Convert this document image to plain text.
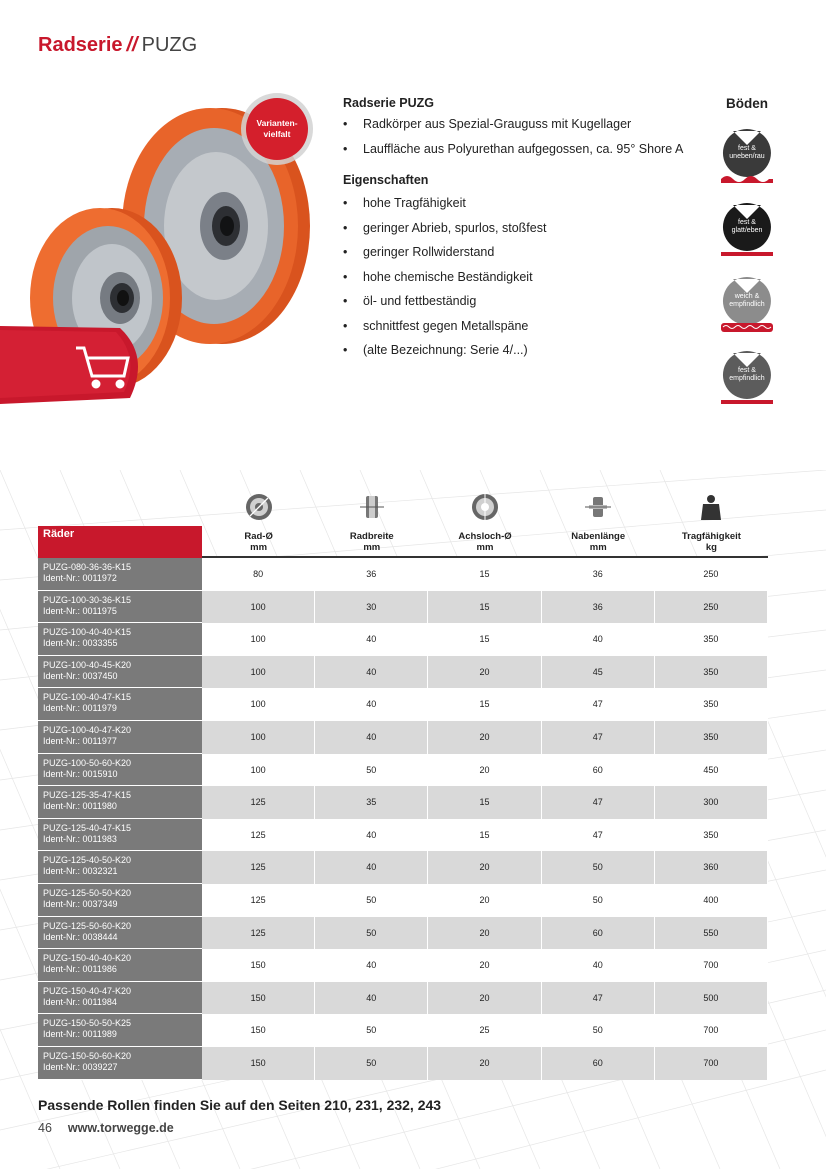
Radserie // PUZG
Varianten-
vielfalt
Radserie PUZG
• Radkörper aus Spezial-Grauguss mit Kugellager
• Lauffläche aus Polyurethan aufgegossen, ca. 95° Shore A
Eigenschaften
• hohe Tragfähigkeit
• geringer Abrieb, spurlos, stoßfest
• geringer Rollwiderstand
• hohe chemische Beständigkeit
• öl- und fettbeständig
• schnittfest gegen Metallspäne
• (alte Bezeichnung: Serie 4/...)
Böden
fest &
uneben/rau
fest &
glatt/eben
weich &
empfindlich
fest &
empfindlich
Räder	Rad-Ø
mm
Radbreite
mm
Achsloch-Ø
mm
Nabenlänge
mm
Tragfähigkeit
kg
PUZG-080-36-36-K15
Ident-Nr.: 0011972	80	36	15	36	250
PUZG-100-30-36-K15
Ident-Nr.: 0011975	100	30	15	36	250
PUZG-100-40-40-K15
Ident-Nr.: 0033355	100	40	15	40	350
PUZG-100-40-45-K20
Ident-Nr.: 0037450	100	40	20	45	350
PUZG-100-40-47-K15
Ident-Nr.: 0011979	100	40	15	47	350
PUZG-100-40-47-K20
Ident-Nr.: 0011977	100	40	20	47	350
PUZG-100-50-60-K20
Ident-Nr.: 0015910	100	50	20	60	450
PUZG-125-35-47-K15
Ident-Nr.: 0011980	125	35	15	47	300
PUZG-125-40-47-K15
Ident-Nr.: 0011983	125	40	15	47	350
PUZG-125-40-50-K20
Ident-Nr.: 0032321	125	40	20	50	360
PUZG-125-50-50-K20
Ident-Nr.: 0037349	125	50	20	50	400
PUZG-125-50-60-K20
Ident-Nr.: 0038444	125	50	20	60	550
PUZG-150-40-40-K20
Ident-Nr.: 0011986	150	40	20	40	700
PUZG-150-40-47-K20
Ident-Nr.: 0011984	150	40	20	47	500
PUZG-150-50-50-K25
Ident-Nr.: 0011989	150	50	25	50	700
PUZG-150-50-60-K20
Ident-Nr.: 0039227	150	50	20	60	700
Passende Rollen finden Sie auf den Seiten 210, 231, 232, 243
46 www.torwegge.de
